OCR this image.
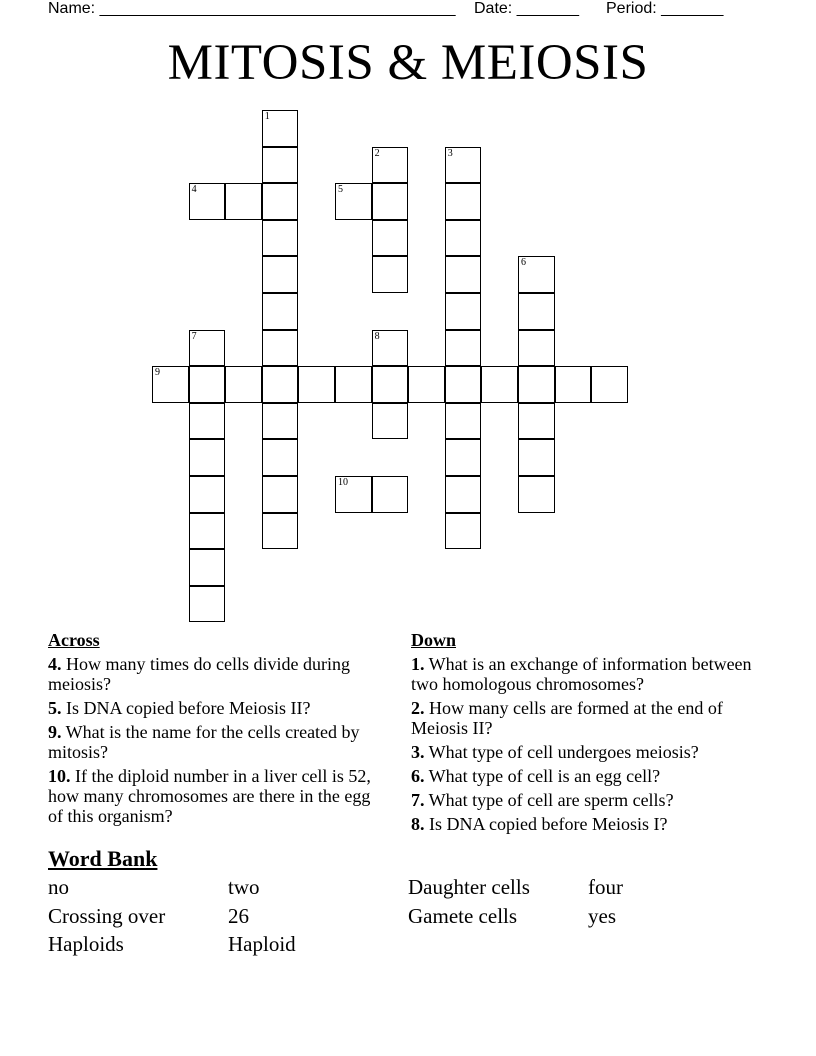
Name: ________________________________________ Date: _______ Period: _______
MITOSIS & MEIOSIS
1
2	3
4	5
6
7	8
9
10
Across
4. How many times do cells divide during meiosis?
5. Is DNA copied before Meiosis II?
9. What is the name for the cells created by mitosis?
10. If the diploid number in a liver cell is 52, how many chromosomes are there in the egg of this organism?
Down
1. What is an exchange of information between two homologous chromosomes?
2. How many cells are formed at the end of Meiosis II?
3. What type of cell undergoes meiosis?
6. What type of cell is an egg cell?
7. What type of cell are sperm cells?
8. Is DNA copied before Meiosis I?
Word Bank
no	two	Daughter cells	four
Crossing over	26	Gamete cells	yes
Haploids	Haploid
